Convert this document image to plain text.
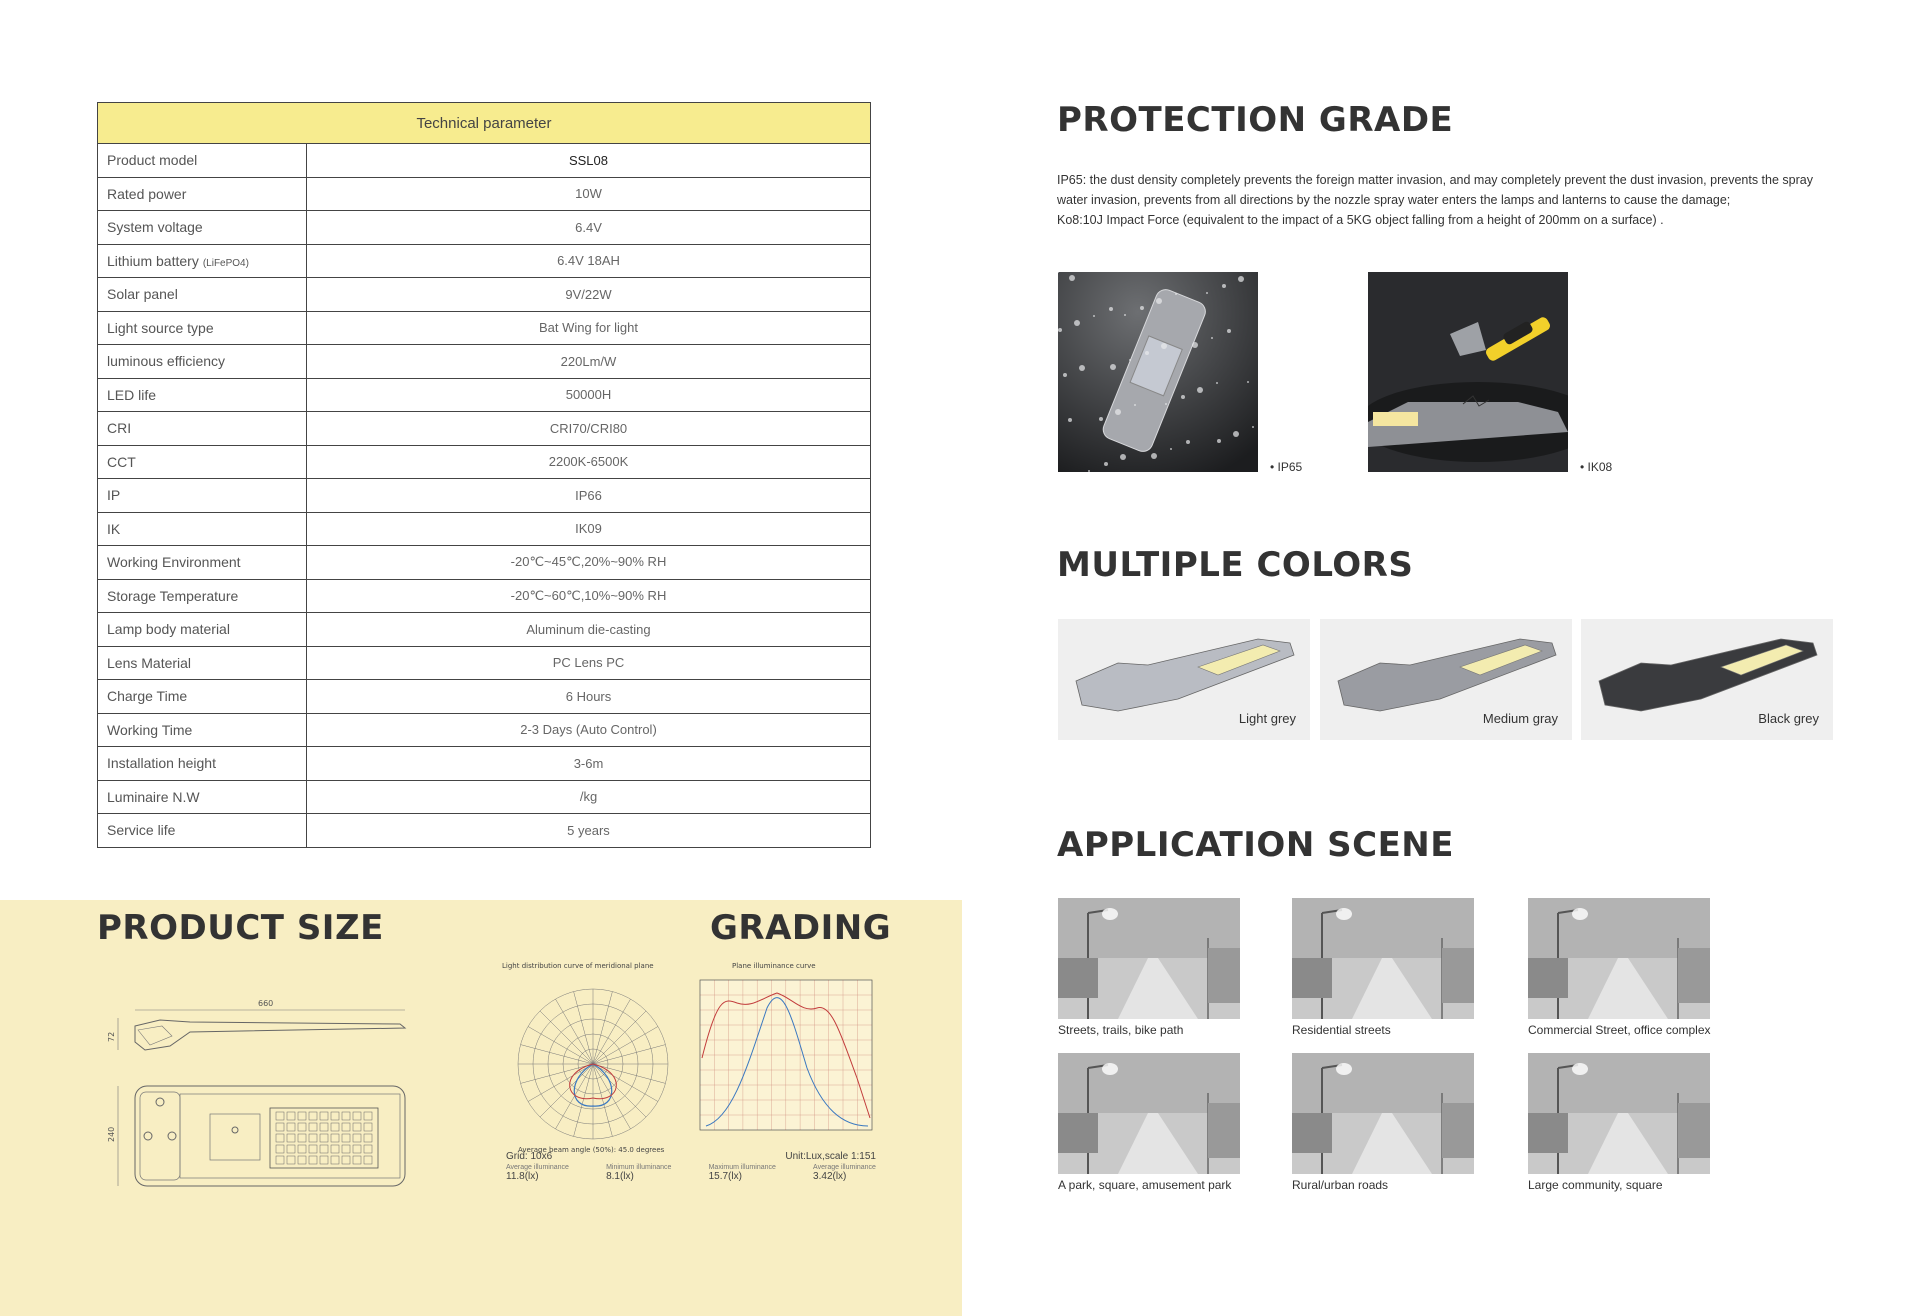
Technical parameter	
Product model	SSL08
Rated power	10W
System voltage	6.4V
Lithium battery (LiFePO4)	6.4V 18AH
Solar panel	9V/22W
Light source type	Bat Wing for light
luminous efficiency	220Lm/W
LED life	50000H
CRI	CRI70/CRI80
CCT	2200K-6500K
IP	IP66
IK	IK09
Working Environment	-20℃~45℃,20%~90% RH
Storage Temperature	-20℃~60℃,10%~90% RH
Lamp body material	Aluminum die-casting
Lens Material	PC Lens PC
Charge Time	6 Hours
Working Time	2-3 Days (Auto Control)
Installation height	3-6m
Luminaire N.W	/kg
Service life	5 years
PRODUCT SIZE	GRADING
660
72
240
Light distribution curve of meridional plane
Average beam angle (50%): 45.0 degrees
Plane illuminance curve
Grid: 10x6	Unit:Lux,scale 1:151
Average illuminance
11.8(lx)
Minimum illuminance
8.1(lx)
Maximum illuminance
15.7(lx)
Average illuminance
3.42(lx)
PROTECTION GRADE
IP65: the dust density completely prevents the foreign matter invasion, and may completely prevent the dust invasion, prevents the spray water invasion, prevents from all directions by the nozzle spray water enters the lamps and lanterns to cause the damage;
Ko8:10J Impact Force (equivalent to the impact of a 5KG object falling from a height of 200mm on a surface) .
• IP65	• IK08
MULTIPLE COLORS
Light grey	Medium gray	Black grey
APPLICATION SCENE
Streets, trails, bike path	Residential streets	Commercial Street, office complex
A park, square, amusement park	Rural/urban roads	Large community, square
